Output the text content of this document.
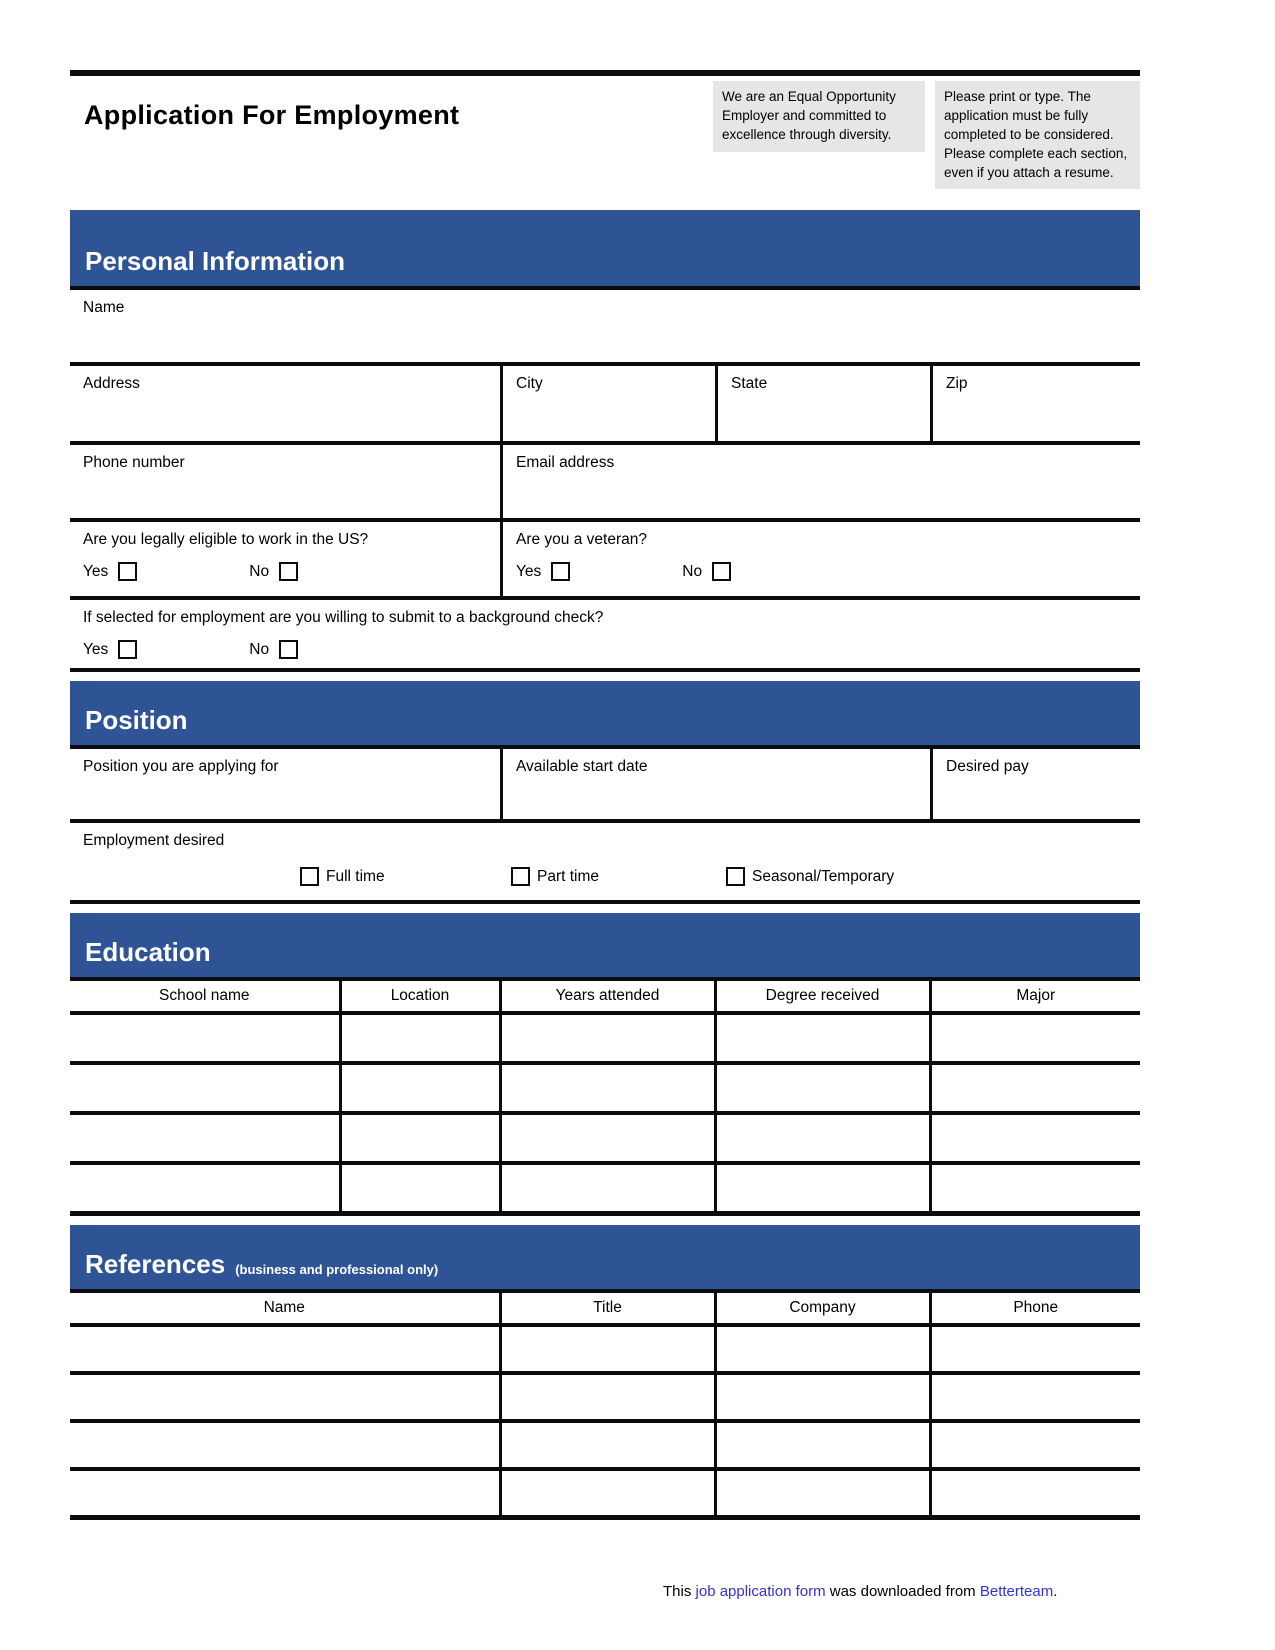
Application For Employment
We are an Equal Opportunity Employer and committed to excellence through diversity.
Please print or type. The application must be fully completed to be considered. Please complete each section, even if you attach a resume.
Personal Information
Name
Address	City	State	Zip
Phone number	Email address
Are you legally eligible to work in the US?
Yes	No
Are you a veteran?
Yes	No
If selected for employment are you willing to submit to a background check?
Yes	No
Position
Position you are applying for	Available start date	Desired pay
Employment desired
Full time	Part time	Seasonal/Temporary
Education
School name	Location	Years attended	Degree received	Major

References (business and professional only)
Name	Title	Company	Phone

This job application form was downloaded from Betterteam.
